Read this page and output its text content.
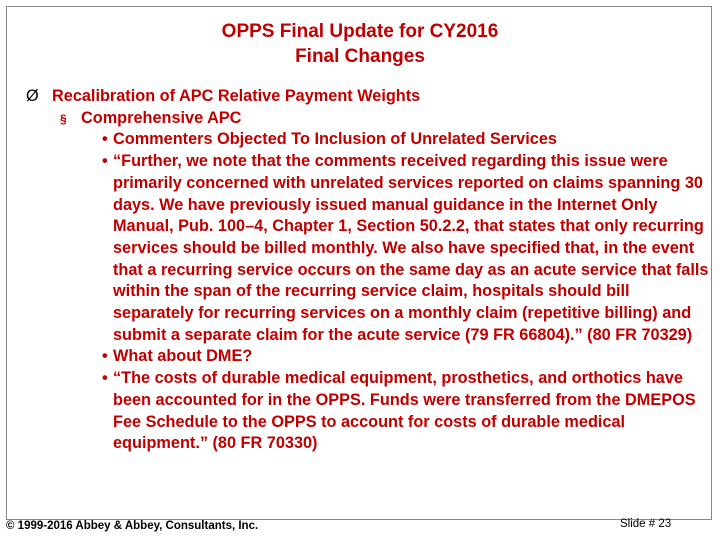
OPPS Final Update for CY2016
Final Changes
Ø Recalibration of APC Relative Payment Weights
§ Comprehensive APC
• Commenters Objected To Inclusion of Unrelated Services
• “Further, we note that the comments received regarding this issue were primarily concerned with unrelated services reported on claims spanning 30 days. We have previously issued manual guidance in the Internet Only Manual, Pub. 100–4, Chapter 1, Section 50.2.2, that states that only recurring services should be billed monthly. We also have specified that, in the event that a recurring service occurs on the same day as an acute service that falls within the span of the recurring service claim, hospitals should bill separately for recurring services on a monthly claim (repetitive billing) and submit a separate claim for the acute service (79 FR 66804).” (80 FR 70329)
• What about DME?
• “The costs of durable medical equipment, prosthetics, and orthotics have been accounted for in the OPPS. Funds were transferred from the DMEPOS Fee Schedule to the OPPS to account for costs of durable medical equipment.” (80 FR 70330)
© 1999-2016 Abbey & Abbey, Consultants, Inc.	Slide # 23
